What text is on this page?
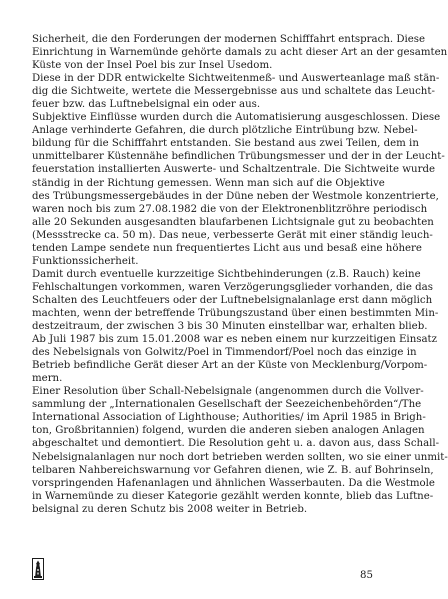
Sicherheit, die den Forderungen der modernen Schifffahrt entsprach. Diese
Einrichtung in Warnemünde gehörte damals zu acht dieser Art an der gesamten
Küste von der Insel Poel bis zur Insel Usedom.
Diese in der DDR entwickelte Sichtweitenmeß- und Auswerteanlage maß stän-
dig die Sichtweite, wertete die Messergebnisse aus und schaltete das Leucht-
feuer bzw. das Luftnebelsignal ein oder aus.
Subjektive Einflüsse wurden durch die Automatisierung ausgeschlossen. Diese
Anlage verhinderte Gefahren, die durch plötzliche Eintrübung bzw. Nebel-
bildung für die Schifffahrt entstanden. Sie bestand aus zwei Teilen, dem in
unmittelbarer Küstennähe befindlichen Trübungsmesser und der in der Leucht-
feuerstation installierten Auswerte- und Schaltzentrale. Die Sichtweite wurde
ständig in der Richtung gemessen. Wenn man sich auf die Objektive
des Trübungsmessergebäudes in der Düne neben der Westmole konzentrierte,
waren noch bis zum 27.08.1982 die von der Elektronenblitzröhre periodisch
alle 20 Sekunden ausgesandten blaufarbenen Lichtsignale gut zu beobachten
(Messstrecke ca. 50 m). Das neue, verbesserte Gerät mit einer ständig leuch-
tenden Lampe sendete nun frequentiertes Licht aus und besaß eine höhere
Funktionssicherheit.
Damit durch eventuelle kurzzeitige Sichtbehinderungen (z.B. Rauch) keine
Fehlschaltungen vorkommen, waren Verzögerungsglieder vorhanden, die das
Schalten des Leuchtfeuers oder der Luftnebelsignalanlage erst dann möglich
machten, wenn der betreffende Trübungszustand über einen bestimmten Min-
destzeitraum, der zwischen 3 bis 30 Minuten einstellbar war, erhalten blieb.
Ab Juli 1987 bis zum 15.01.2008 war es neben einem nur kurzzeitigen Einsatz
des Nebelsignals von Golwitz/Poel in Timmendorf/Poel noch das einzige in
Betrieb befindliche Gerät dieser Art an der Küste von Mecklenburg/Vorpom-
mern.
Einer Resolution über Schall-Nebelsignale (angenommen durch die Vollver-
sammlung der „Internationalen Gesellschaft der Seezeichenbehörden“/The
International Association of Lighthouse; Authorities/ im April 1985 in Brigh-
ton, Großbritannien) folgend, wurden die anderen sieben analogen Anlagen
abgeschaltet und demontiert. Die Resolution geht u. a. davon aus, dass Schall-
Nebelsignalanlagen nur noch dort betrieben werden sollten, wo sie einer unmit-
telbaren Nahbereichswarnung vor Gefahren dienen, wie Z. B. auf Bohrinseln,
vorspringenden Hafenanlagen und ähnlichen Wasserbauten. Da die Westmole
in Warnemünde zu dieser Kategorie gezählt werden konnte, blieb das Luftne-
belsignal zu deren Schutz bis 2008 weiter in Betrieb.
85
